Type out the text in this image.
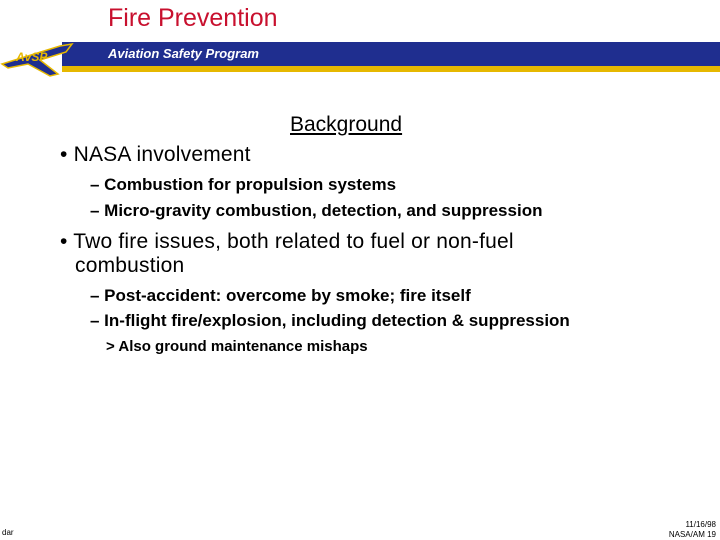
Fire Prevention
Aviation Safety Program
AvSP
Background
• NASA involvement
– Combustion for propulsion systems
– Micro-gravity combustion, detection, and suppression
• Two fire issues, both related to fuel or non-fuel
combustion
– Post-accident: overcome by smoke; fire itself
– In-flight fire/explosion, including detection & suppression
> Also ground maintenance mishaps
dar
11/16/98
NASA/AM 19
